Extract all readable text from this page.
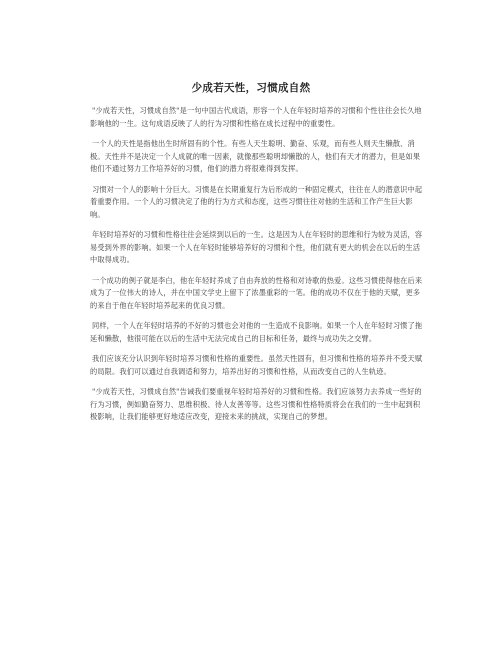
少成若天性，习惯成自然

"少成若天性，习惯成自然"是一句中国古代成语，形容一个人在年轻时培养的习惯和个性往往会长久地影响他的一生。这句成语反映了人的行为习惯和性格在成长过程中的重要性。

一个人的天性是指他出生时所固有的个性。有些人天生聪明、勤奋、乐观，而有些人则天生懒散、消极。天性并不是决定一个人成就的唯一因素，就像那些聪明却懒散的人，他们有天才的潜力，但是如果他们不通过努力工作培养好的习惯，他们的潜力将很难得到发挥。

习惯对一个人的影响十分巨大。习惯是在长期重复行为后形成的一种固定模式，往往在人的潜意识中起着重要作用。一个人的习惯决定了他的行为方式和态度，这些习惯往往对他的生活和工作产生巨大影响。

年轻时培养好的习惯和性格往往会延续到以后的一生。这是因为人在年轻时的思维和行为较为灵活，容易受到外界的影响。如果一个人在年轻时能够培养好的习惯和个性，他们就有更大的机会在以后的生活中取得成功。

一个成功的例子就是李白，他在年轻时养成了自由奔放的性格和对诗歌的热爱。这些习惯使得他在后来成为了一位伟大的诗人，并在中国文学史上留下了浓墨重彩的一笔。他的成功不仅在于他的天赋，更多的来自于他在年轻时培养起来的优良习惯。

同样，一个人在年轻时培养的不好的习惯也会对他的一生造成不良影响。如果一个人在年轻时习惯了拖延和懒散，他很可能在以后的生活中无法完成自己的目标和任务，最终与成功失之交臂。

我们应该充分认识到年轻时培养习惯和性格的重要性。虽然天性固有，但习惯和性格的培养并不受天赋的局限。我们可以通过自我调适和努力，培养出好的习惯和性格，从而改变自己的人生轨迹。

"少成若天性，习惯成自然"告诫我们要重视年轻时培养好的习惯和性格。我们应该努力去养成一些好的行为习惯，例如勤奋努力、思维积极、待人友善等等。这些习惯和性格特质将会在我们的一生中起到积极影响，让我们能够更好地适应改变，迎接未来的挑战，实现自己的梦想。
